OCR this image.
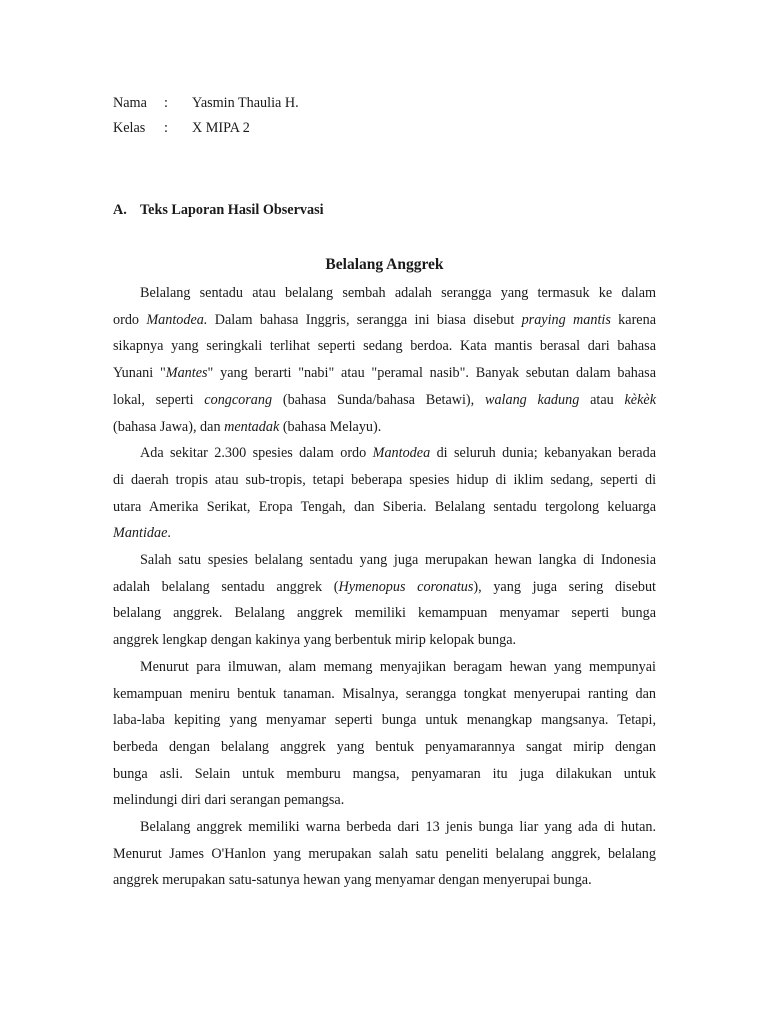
Nama : Yasmin Thaulia H.
Kelas : X MIPA 2
A. Teks Laporan Hasil Observasi
Belalang Anggrek
Belalang sentadu atau belalang sembah adalah serangga yang termasuk ke dalam
ordo Mantodea. Dalam bahasa Inggris, serangga ini biasa disebut praying mantis karena
sikapnya yang seringkali terlihat seperti sedang berdoa. Kata mantis berasal dari bahasa
Yunani "Mantes" yang berarti "nabi" atau "peramal nasib". Banyak sebutan dalam bahasa
lokal, seperti congcorang (bahasa Sunda/bahasa Betawi), walang kadung atau kèkèk
(bahasa Jawa), dan mentadak (bahasa Melayu).
Ada sekitar 2.300 spesies dalam ordo Mantodea di seluruh dunia; kebanyakan berada
di daerah tropis atau sub-tropis, tetapi beberapa spesies hidup di iklim sedang, seperti di
utara Amerika Serikat, Eropa Tengah, dan Siberia. Belalang sentadu tergolong keluarga
Mantidae.
Salah satu spesies belalang sentadu yang juga merupakan hewan langka di Indonesia
adalah belalang sentadu anggrek (Hymenopus coronatus), yang juga sering disebut
belalang anggrek. Belalang anggrek memiliki kemampuan menyamar seperti bunga
anggrek lengkap dengan kakinya yang berbentuk mirip kelopak bunga.
Menurut para ilmuwan, alam memang menyajikan beragam hewan yang mempunyai
kemampuan meniru bentuk tanaman. Misalnya, serangga tongkat menyerupai ranting dan
laba-laba kepiting yang menyamar seperti bunga untuk menangkap mangsanya. Tetapi,
berbeda dengan belalang anggrek yang bentuk penyamarannya sangat mirip dengan
bunga asli. Selain untuk memburu mangsa, penyamaran itu juga dilakukan untuk
melindungi diri dari serangan pemangsa.
Belalang anggrek memiliki warna berbeda dari 13 jenis bunga liar yang ada di hutan.
Menurut James O'Hanlon yang merupakan salah satu peneliti belalang anggrek, belalang
anggrek merupakan satu-satunya hewan yang menyamar dengan menyerupai bunga.
